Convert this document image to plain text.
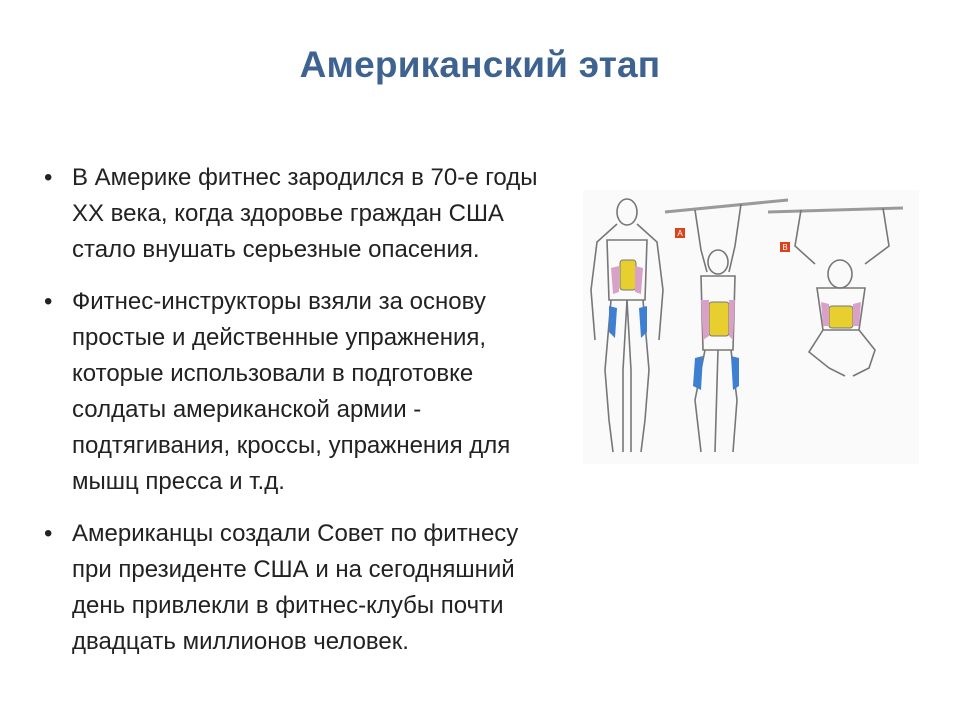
Американский этап
• В Америке фитнес зародился в 70-е годы XX века, когда здоровье граждан США стало внушать серьезные опасения.
• Фитнес-инструкторы взяли за основу простые и действенные упражнения, которые использовали в подготовке солдаты американской армии - подтягивания, кроссы, упражнения для мышц пресса и т.д.
• Американцы создали Совет по фитнесу при президенте США и на сегодняшний день привлекли в фитнес-клубы почти двадцать миллионов человек.
A
B
